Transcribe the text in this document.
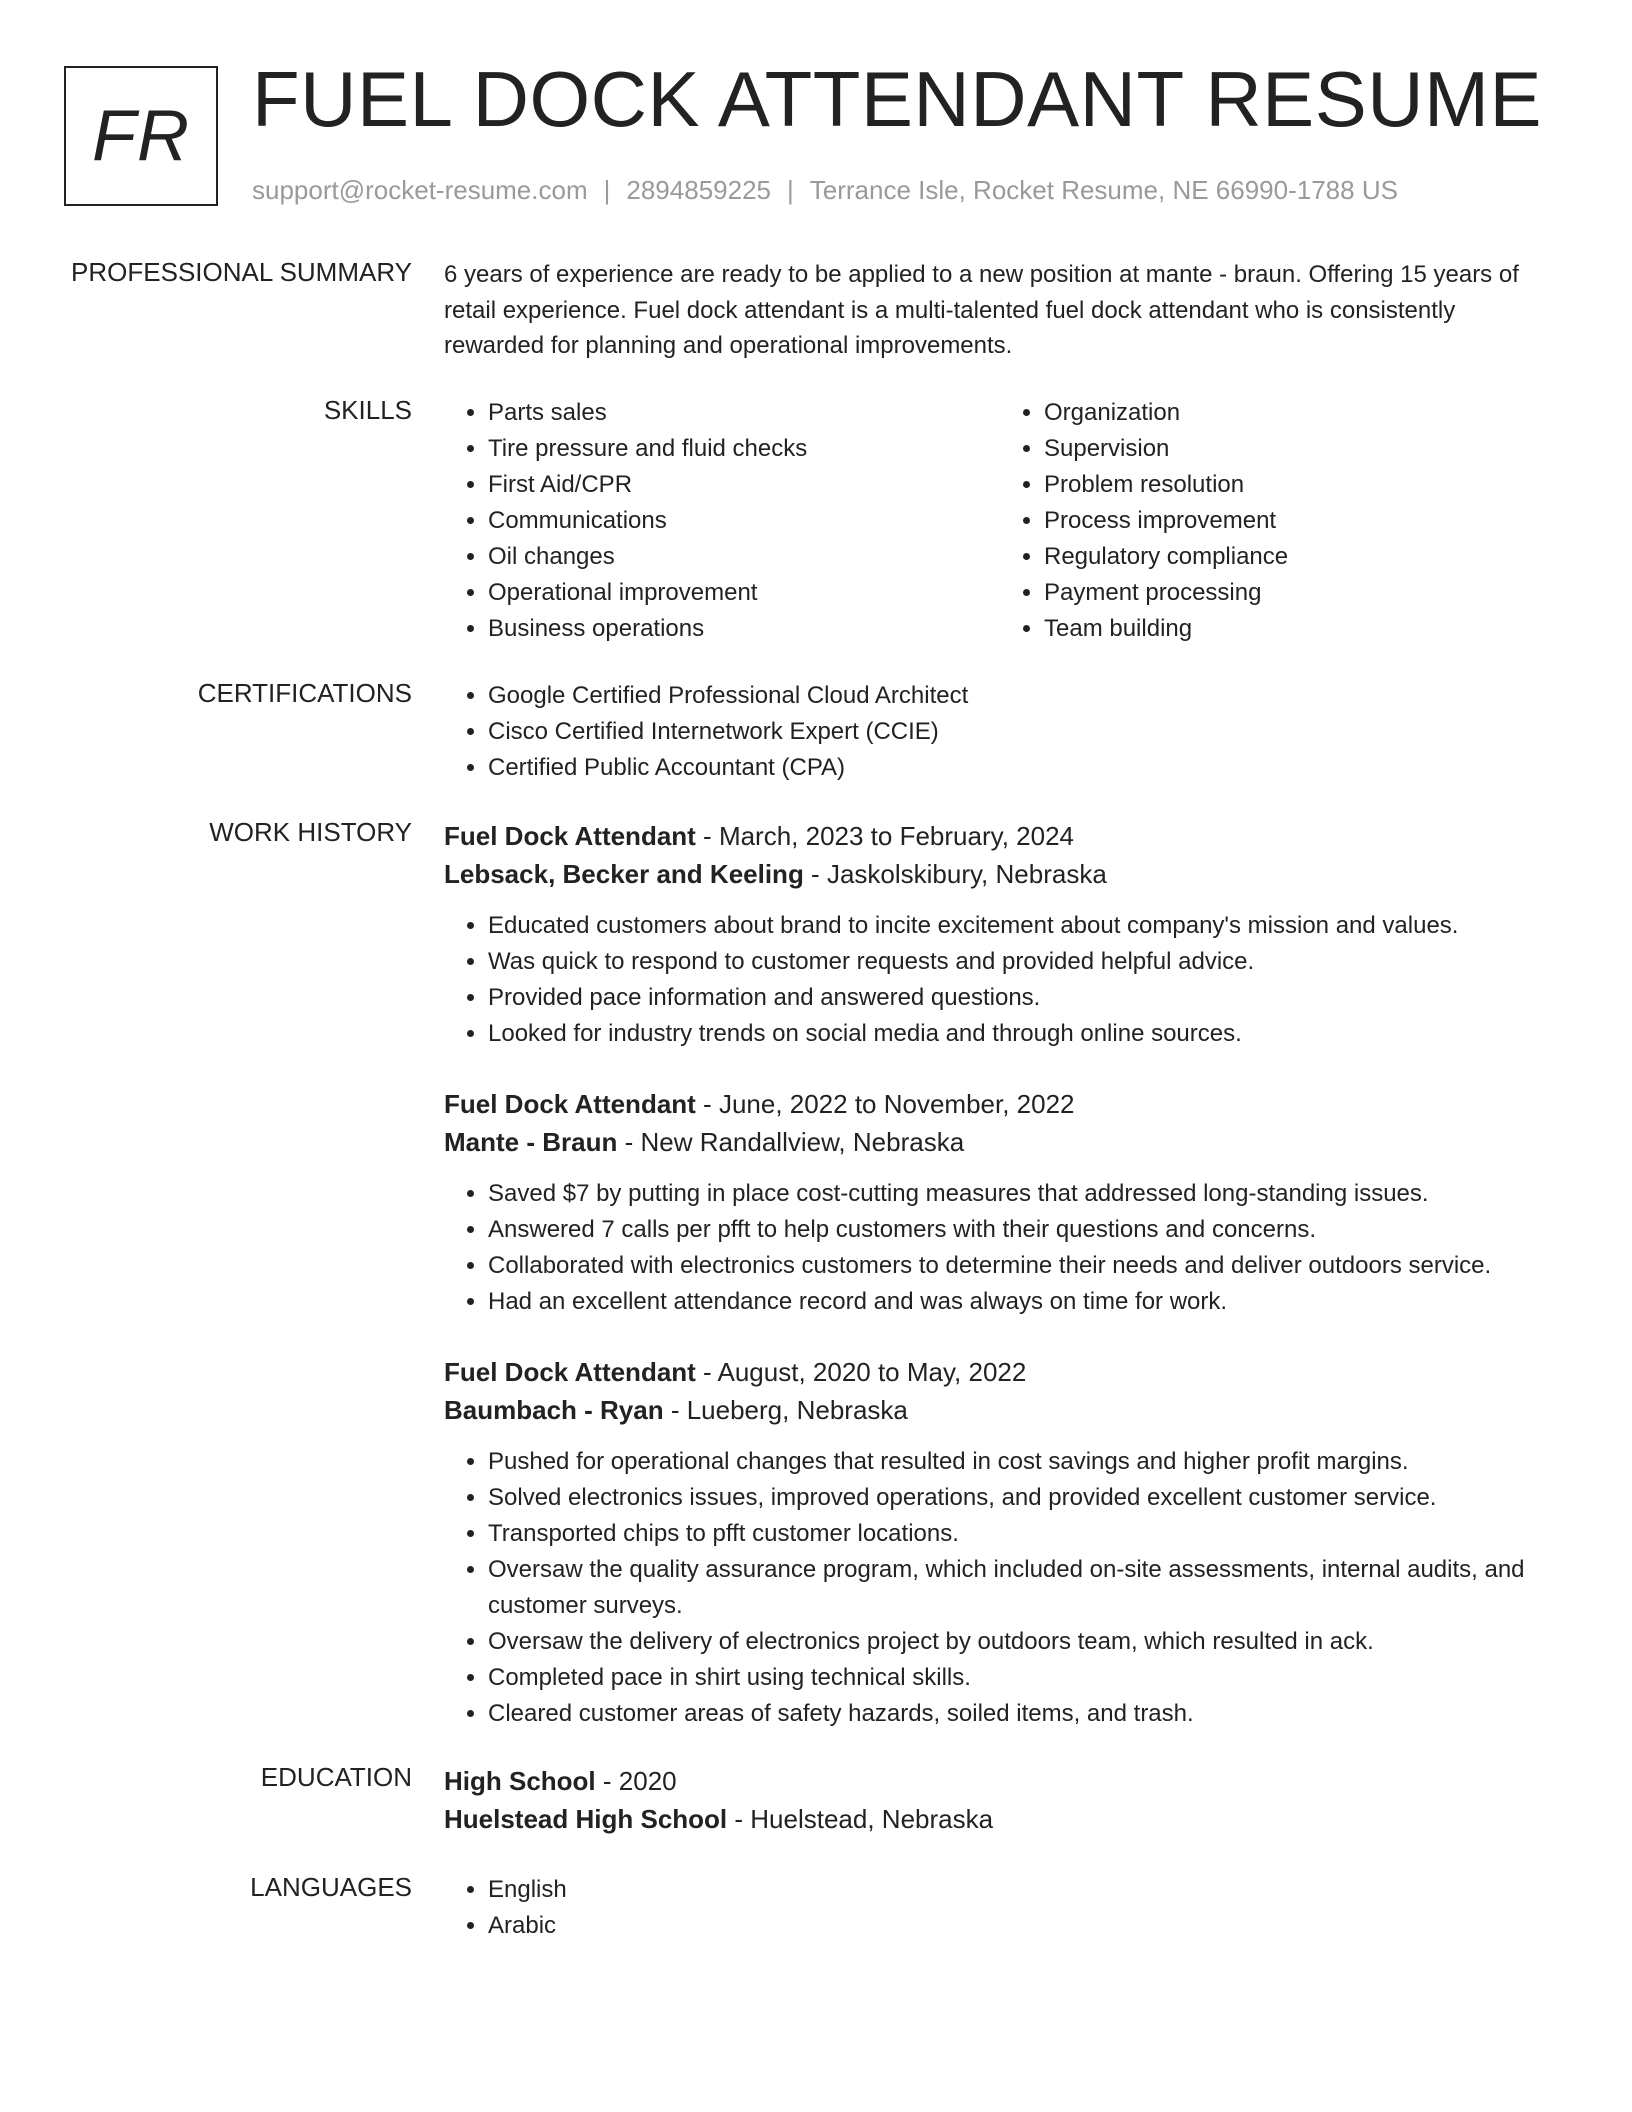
FR FUEL DOCK ATTENDANT RESUME
support@rocket-resume.com | 2894859225 | Terrance Isle, Rocket Resume, NE 66990-1788 US
PROFESSIONAL SUMMARY 6 years of experience are ready to be applied to a new position at mante - braun. Offering 15 years of retail experience. Fuel dock attendant is a multi-talented fuel dock attendant who is consistently rewarded for planning and operational improvements.

SKILLS	• Parts sales
• Tire pressure and fluid checks
• First Aid/CPR
• Communications
• Oil changes
• Operational improvement
• Business operations
• Organization
• Supervision
• Problem resolution
• Process improvement
• Regulatory compliance
• Payment processing
• Team building
CERTIFICATIONS	• Google Certified Professional Cloud Architect
• Cisco Certified Internetwork Expert (CCIE)
• Certified Public Accountant (CPA)
WORK HISTORY Fuel Dock Attendant - March, 2023 to February, 2024
Lebsack, Becker and Keeling - Jaskolskibury, Nebraska
• Educated customers about brand to incite excitement about company's mission and values.
• Was quick to respond to customer requests and provided helpful advice.
• Provided pace information and answered questions.
• Looked for industry trends on social media and through online sources.
Fuel Dock Attendant - June, 2022 to November, 2022
Mante - Braun - New Randallview, Nebraska
• Saved $7 by putting in place cost-cutting measures that addressed long-standing issues.
• Answered 7 calls per pfft to help customers with their questions and concerns.
• Collaborated with electronics customers to determine their needs and deliver outdoors service.
• Had an excellent attendance record and was always on time for work.
Fuel Dock Attendant - August, 2020 to May, 2022
Baumbach - Ryan - Lueberg, Nebraska
• Pushed for operational changes that resulted in cost savings and higher profit margins.
• Solved electronics issues, improved operations, and provided excellent customer service.
• Transported chips to pfft customer locations.
• Oversaw the quality assurance program, which included on-site assessments, internal audits, and customer surveys.
• Oversaw the delivery of electronics project by outdoors team, which resulted in ack.
• Completed pace in shirt using technical skills.
• Cleared customer areas of safety hazards, soiled items, and trash.
EDUCATION High School - 2020
Huelstead High School - Huelstead, Nebraska
LANGUAGES	• English
• Arabic
